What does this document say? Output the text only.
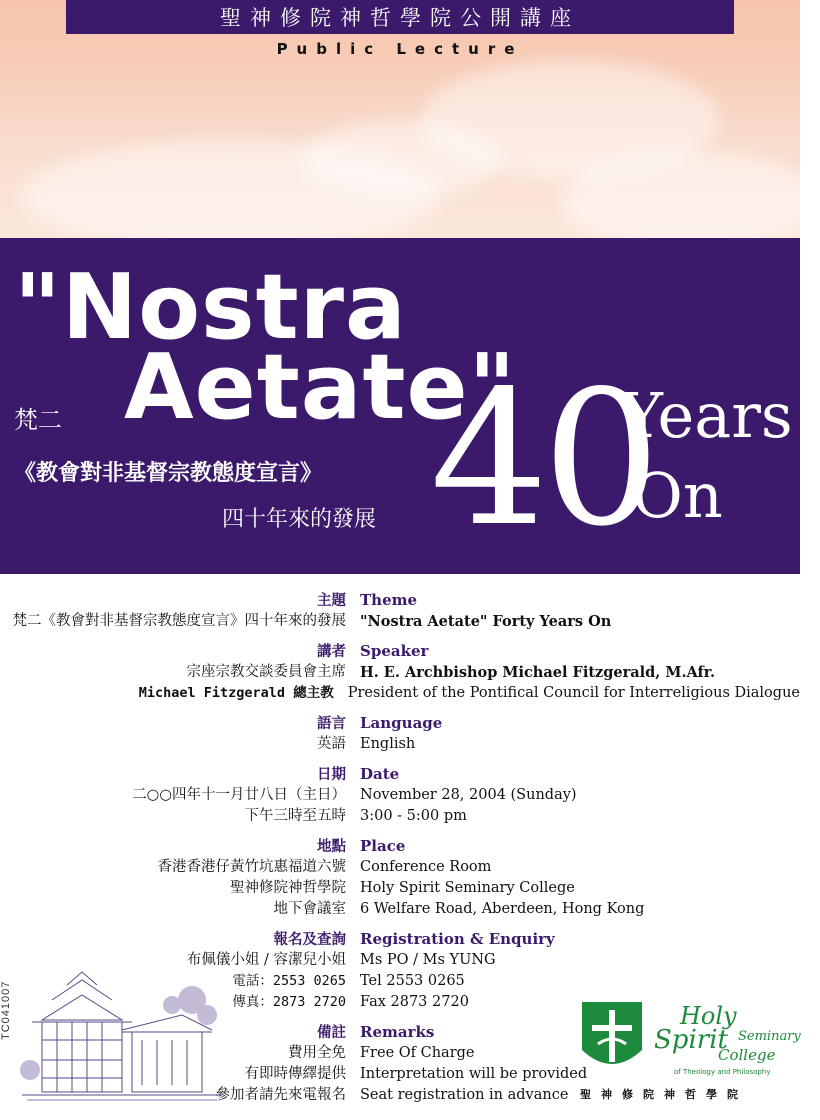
聖神修院神哲學院公開講座
Public Lecture
"Nostra
Aetate"
梵二
《教會對非基督宗教態度宣言》
四十年來的發展 40
Years
On
主題 Theme
梵二《教會對非基督宗教態度宣言》四十年來的發展 "Nostra Aetate" Forty Years On
講者 Speaker
宗座宗教交談委員會主席 H. E. Archbishop Michael Fitzgerald, M.Afr.
Michael Fitzgerald 總主教 President of the Pontifical Council for Interreligious Dialogue
語言 Language
英語 English
日期 Date
二○○四年十一月廿八日（主日） November 28, 2004 (Sunday)
下午三時至五時 3:00 - 5:00 pm
地點 Place
香港香港仔黃竹坑惠福道六號 Conference Room
聖神修院神哲學院 Holy Spirit Seminary College
地下會議室 6 Welfare Road, Aberdeen, Hong Kong
報名及查詢 Registration & Enquiry
布佩儀小姐 / 容潔兒小姐 Ms PO / Ms YUNG
電話：2553 0265 Tel 2553 0265
傳真：2873 2720 Fax 2873 2720
備註 Remarks
費用全免 Free Of Charge
有即時傳繹提供 Interpretation will be provided
參加者請先來電報名 Seat registration in advance
TC041007	Holy
Spirit Seminary
College
of Theology and Philosophy
聖神修院神哲學院
